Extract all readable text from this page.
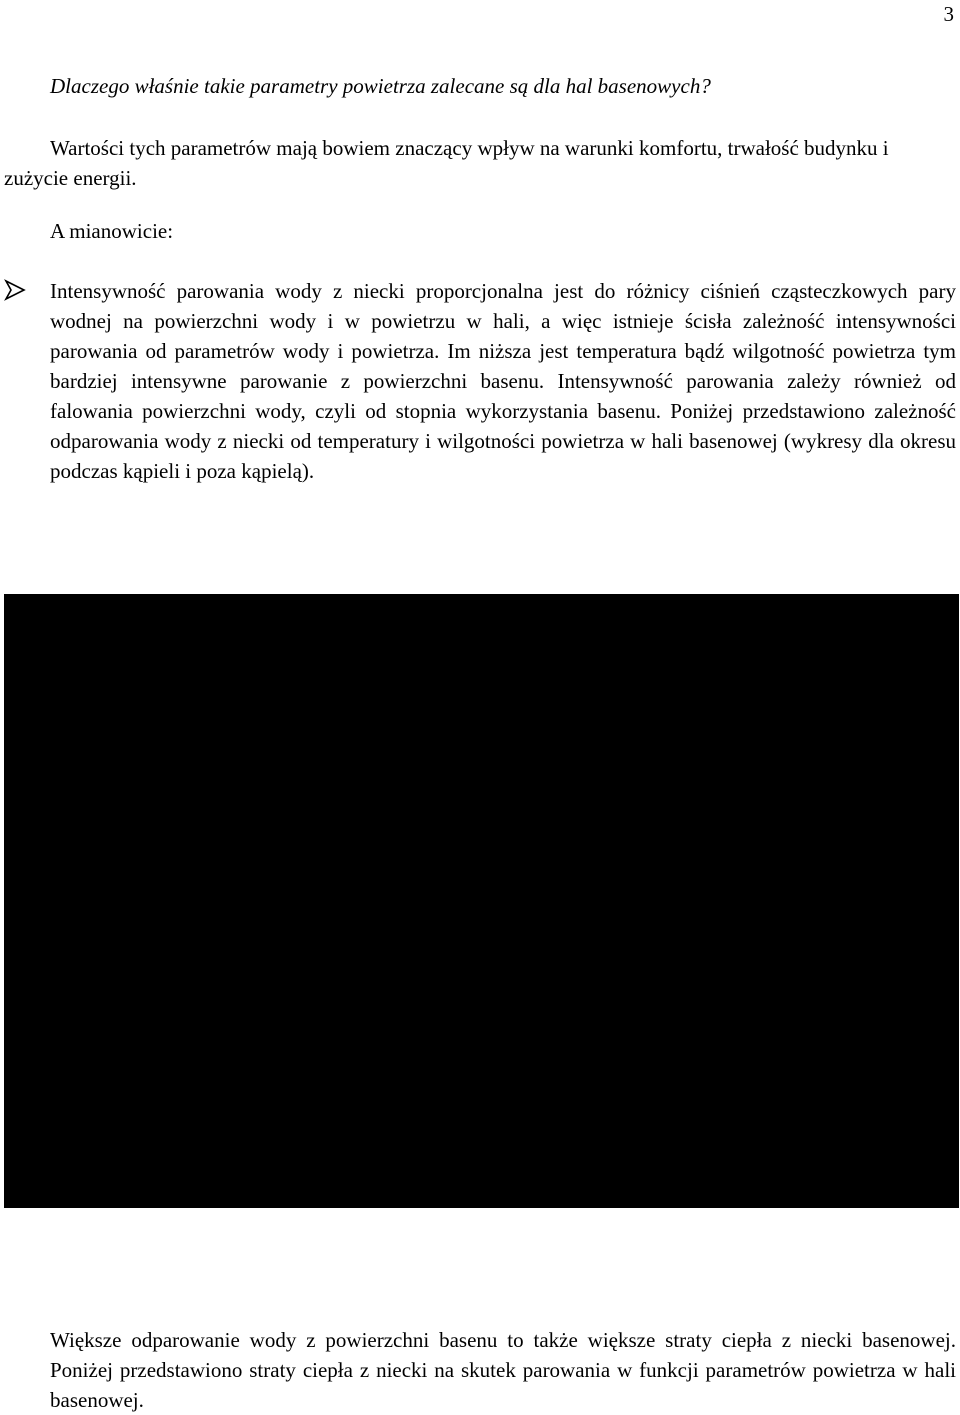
3

Dlaczego właśnie takie parametry powietrza zalecane są dla hal basenowych?

Wartości tych parametrów mają bowiem znaczący wpływ na warunki komfortu, trwałość budynku i zużycie energii.

A mianowicie:

Intensywność parowania wody z niecki proporcjonalna jest do różnicy ciśnień cząsteczkowych pary wodnej na powierzchni wody i w powietrzu w hali, a więc istnieje ścisła zależność intensywności parowania od parametrów wody i powietrza. Im niższa jest temperatura bądź wilgotność powietrza tym bardziej intensywne parowanie z powierzchni basenu. Intensywność parowania zależy również od falowania powierzchni wody, czyli od stopnia wykorzystania basenu. Poniżej przedstawiono zależność odparowania wody z niecki od temperatury i wilgotności powietrza w hali basenowej (wykresy dla okresu podczas kąpieli i poza kąpielą).

Większe odparowanie wody z powierzchni basenu to także większe straty ciepła z niecki basenowej. Poniżej przedstawiono straty ciepła z niecki na skutek parowania w funkcji parametrów powietrza w hali basenowej.
